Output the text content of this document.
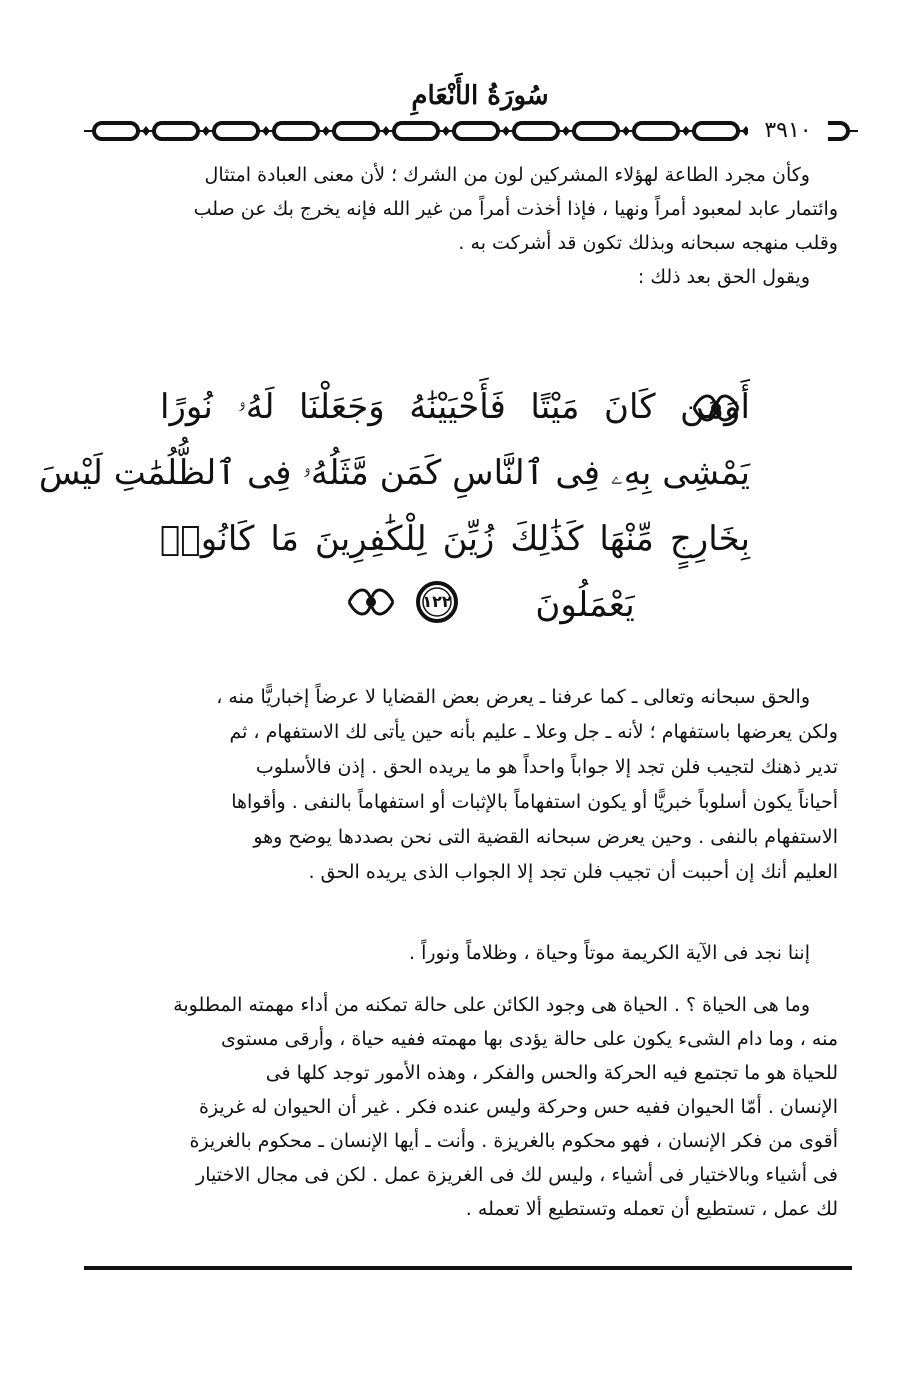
سُورَةُ الأَنْعَامِ
٣٩١٠
وكأن مجرد الطاعة لهؤلاء المشركين لون من الشرك ؛ لأن معنى العبادة امتثال
وائتمار عابد لمعبود أمراً ونهيا ، فإذا أخذت أمراً من غير الله فإنه يخرج بك عن صلب
وقلب منهجه سبحانه وبذلك تكون قد أشركت به .
ويقول الحق بعد ذلك :
أَوَمَن كَانَ مَيْتًا فَأَحْيَيْنَٰهُ وَجَعَلْنَا لَهُۥ نُورًا
يَمْشِى بِهِۦ فِى ٱلنَّاسِ كَمَن مَّثَلُهُۥ فِى ٱلظُّلُمَٰتِ لَيْسَ
بِخَارِجٍ مِّنْهَا كَذَٰلِكَ زُيِّنَ لِلْكَٰفِرِينَ مَا كَانُوا۟
يَعْمَلُونَ
١٢٢
والحق سبحانه وتعالى ـ كما عرفنا ـ يعرض بعض القضايا لا عرضاً إخباريًّا منه ،
ولكن يعرضها باستفهام ؛ لأنه ـ جل وعلا ـ عليم بأنه حين يأتى لك الاستفهام ، ثم
تدير ذهنك لتجيب فلن تجد إلا جواباً واحداً هو ما يريده الحق . إذن فالأسلوب
أحياناً يكون أسلوباً خبريًّا أو يكون استفهاماً بالإثبات أو استفهاماً بالنفى . وأقواها
الاستفهام بالنفى . وحين يعرض سبحانه القضية التى نحن بصددها يوضح وهو
العليم أنك إن أحببت أن تجيب فلن تجد إلا الجواب الذى يريده الحق .
إننا نجد فى الآية الكريمة موتاً وحياة ، وظلاماً ونوراً .
وما هى الحياة ؟ . الحياة هى وجود الكائن على حالة تمكنه من أداء مهمته المطلوبة
منه ، وما دام الشىء يكون على حالة يؤدى بها مهمته ففيه حياة ، وأرقى مستوى
للحياة هو ما تجتمع فيه الحركة والحس والفكر ، وهذه الأمور توجد كلها فى
الإنسان . أمّا الحيوان ففيه حس وحركة وليس عنده فكر . غير أن الحيوان له غريزة
أقوى من فكر الإنسان ، فهو محكوم بالغريزة . وأنت ـ أيها الإنسان ـ محكوم بالغريزة
فى أشياء وبالاختيار فى أشياء ، وليس لك فى الغريزة عمل . لكن فى مجال الاختيار
لك عمل ، تستطيع أن تعمله وتستطيع ألا تعمله .
